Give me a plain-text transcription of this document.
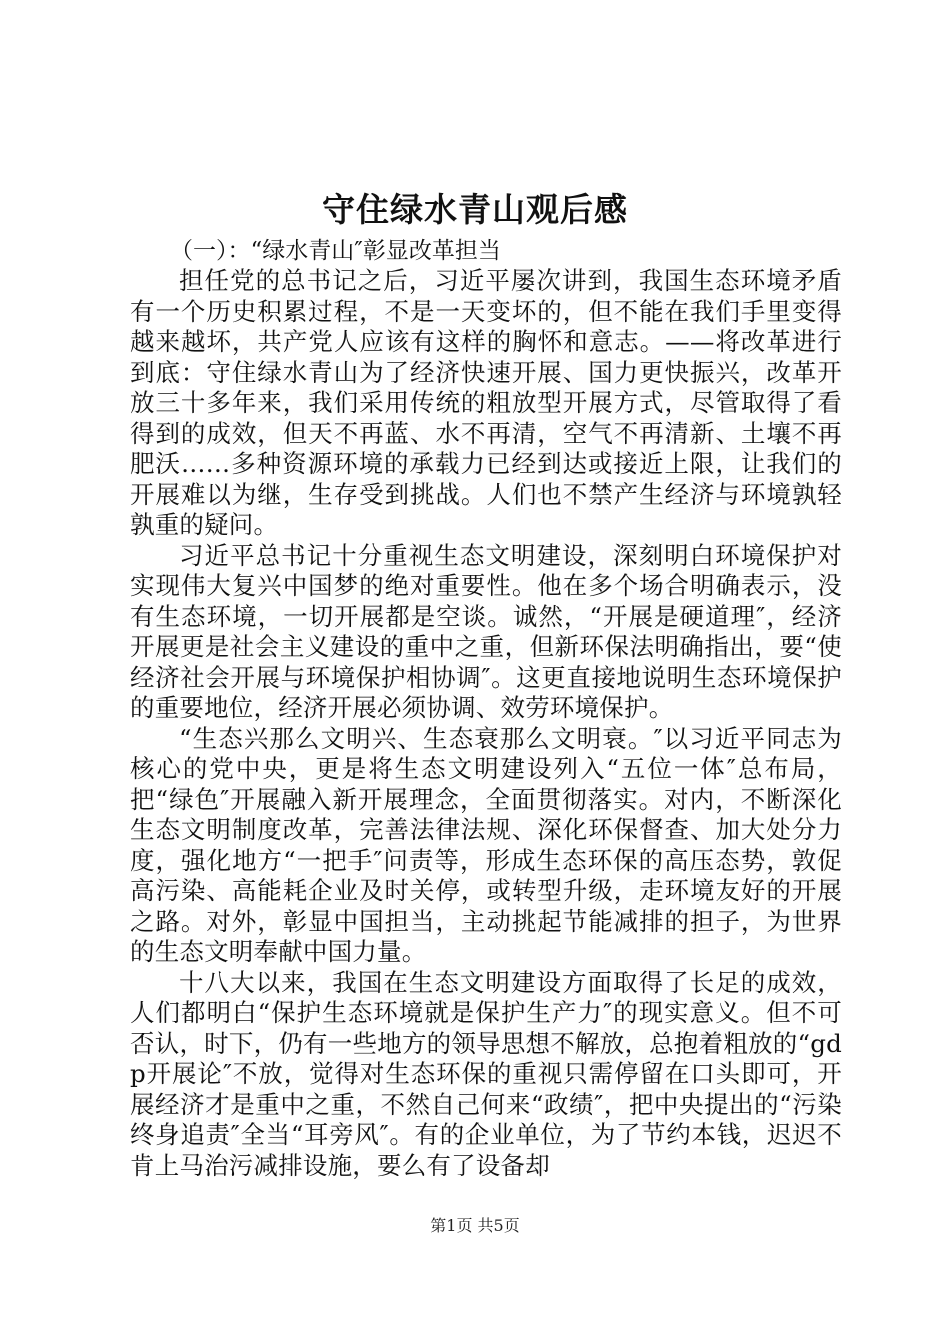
守住绿水青山观后感
（一）：“绿水青山″彰显改革担当

担任党的总书记之后，习近平屡次讲到，我国生态环境矛盾有一个历史积累过程，不是一天变坏的，但不能在我们手里变得越来越坏，共产党人应该有这样的胸怀和意志。——将改革进行到底：守住绿水青山为了经济快速开展、国力更快振兴，改革开放三十多年来，我们采用传统的粗放型开展方式，尽管取得了看得到的成效，但天不再蓝、水不再清，空气不再清新、土壤不再肥沃……多种资源环境的承载力已经到达或接近上限，让我们的开展难以为继，生存受到挑战。人们也不禁产生经济与环境孰轻孰重的疑问。

习近平总书记十分重视生态文明建设，深刻明白环境保护对实现伟大复兴中国梦的绝对重要性。他在多个场合明确表示，没有生态环境，一切开展都是空谈。诚然，“开展是硬道理″，经济开展更是社会主义建设的重中之重，但新环保法明确指出，要“使经济社会开展与环境保护相协调″。这更直接地说明生态环境保护的重要地位，经济开展必须协调、效劳环境保护。

“生态兴那么文明兴、生态衰那么文明衰。″以习近平同志为核心的党中央，更是将生态文明建设列入“五位一体″总布局，把“绿色″开展融入新开展理念，全面贯彻落实。对内，不断深化生态文明制度改革，完善法律法规、深化环保督查、加大处分力度，强化地方“一把手″问责等，形成生态环保的高压态势，敦促高污染、高能耗企业及时关停，或转型升级，走环境友好的开展之路。对外，彰显中国担当，主动挑起节能减排的担子，为世界的生态文明奉献中国力量。

十八大以来，我国在生态文明建设方面取得了长足的成效，人们都明白“保护生态环境就是保护生产力″的现实意义。但不可否认，时下，仍有一些地方的领导思想不解放，总抱着粗放的“gdp开展论″不放，觉得对生态环保的重视只需停留在口头即可，开展经济才是重中之重，不然自己何来“政绩″，把中央提出的“污染终身追责″全当“耳旁风″。有的企业单位，为了节约本钱，迟迟不肯上马治污减排设施，要么有了设备却

第1页 共5页
